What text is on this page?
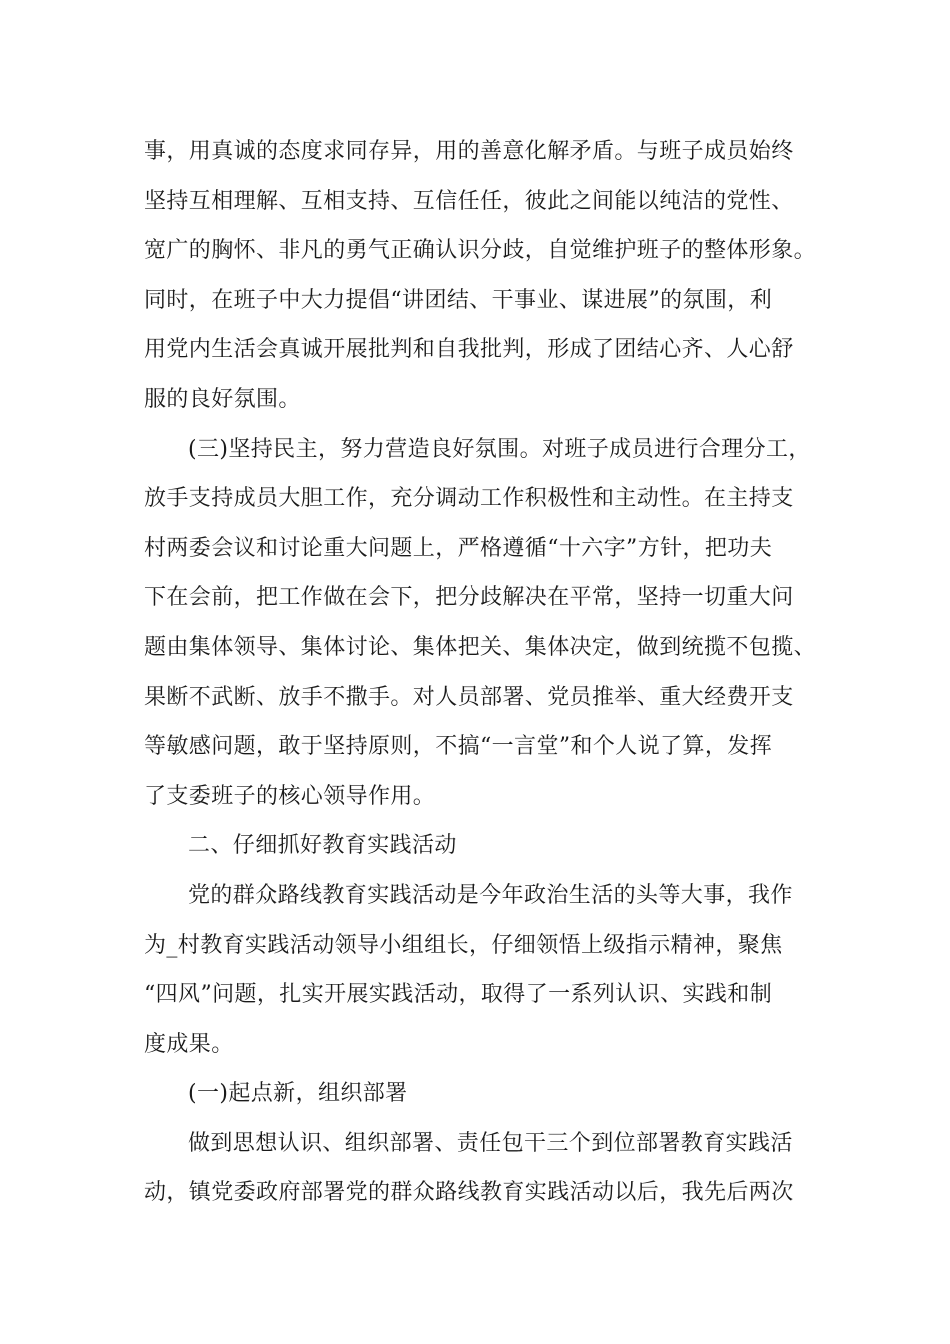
事，用真诚的态度求同存异，用的善意化解矛盾。与班子成员始终
坚持互相理解、互相支持、互信任任，彼此之间能以纯洁的党性、
宽广的胸怀、非凡的勇气正确认识分歧，自觉维护班子的整体形象。
同时，在班子中大力提倡“讲团结、干事业、谋进展”的氛围，利
用党内生活会真诚开展批判和自我批判，形成了团结心齐、人心舒
服的良好氛围。
(三)坚持民主，努力营造良好氛围。对班子成员进行合理分工，
放手支持成员大胆工作，充分调动工作积极性和主动性。在主持支
村两委会议和讨论重大问题上，严格遵循“十六字”方针，把功夫
下在会前，把工作做在会下，把分歧解决在平常，坚持一切重大问
题由集体领导、集体讨论、集体把关、集体决定，做到统揽不包揽、
果断不武断、放手不撒手。对人员部署、党员推举、重大经费开支
等敏感问题，敢于坚持原则，不搞“一言堂”和个人说了算，发挥
了支委班子的核心领导作用。
二、仔细抓好教育实践活动
党的群众路线教育实践活动是今年政治生活的头等大事，我作
为_村教育实践活动领导小组组长，仔细领悟上级指示精神，聚焦
“四风”问题，扎实开展实践活动，取得了一系列认识、实践和制
度成果。
(一)起点新，组织部署
做到思想认识、组织部署、责任包干三个到位部署教育实践活
动，镇党委政府部署党的群众路线教育实践活动以后，我先后两次
